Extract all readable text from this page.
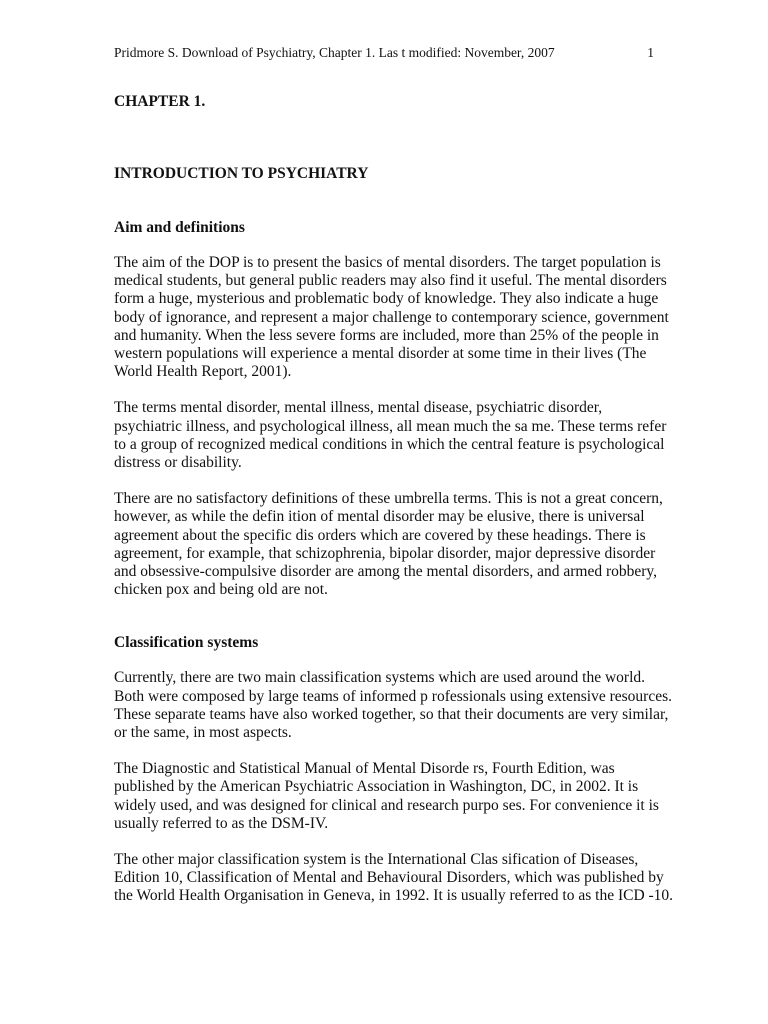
Pridmore S. Download of Psychiatry, Chapter 1. Las t modified: November, 2007	1
CHAPTER 1.
INTRODUCTION TO PSYCHIATRY
Aim and definitions

The aim of the DOP is to present the basics of mental disorders. The target population is
medical students, but general public readers may also find it useful. The mental disorders
form a huge, mysterious and problematic body of knowledge. They also indicate a huge
body of ignorance, and represent a major challenge to contemporary science, government
and humanity. When the less severe forms are included, more than 25% of the people in
western populations will experience a mental disorder at some time in their lives (The
World Health Report, 2001).

The terms mental disorder, mental illness, mental disease, psychiatric disorder,
psychiatric illness, and psychological illness, all mean much the sa me. These terms refer
to a group of recognized medical conditions in which the central feature is psychological
distress or disability.

There are no satisfactory definitions of these umbrella terms. This is not a great concern,
however, as while the defin ition of mental disorder may be elusive, there is universal
agreement about the specific dis orders which are covered by these headings. There is
agreement, for example, that schizophrenia, bipolar disorder, major depressive disorder
and obsessive-compulsive disorder are among the mental disorders, and armed robbery,
chicken pox and being old are not.

Classification systems

Currently, there are two main classification systems which are used around the world.
Both were composed by large teams of informed p rofessionals using extensive resources.
These separate teams have also worked together, so that their documents are very similar,
or the same, in most aspects.

The Diagnostic and Statistical Manual of Mental Disorde rs, Fourth Edition, was
published by the American Psychiatric Association in Washington, DC, in 2002. It is
widely used, and was designed for clinical and research purpo ses. For convenience it is
usually referred to as the DSM-IV.

The other major classification system is the International Clas sification of Diseases,
Edition 10, Classification of Mental and Behavioural Disorders, which was published by
the World Health Organisation in Geneva, in 1992. It is usually referred to as the ICD -10.
